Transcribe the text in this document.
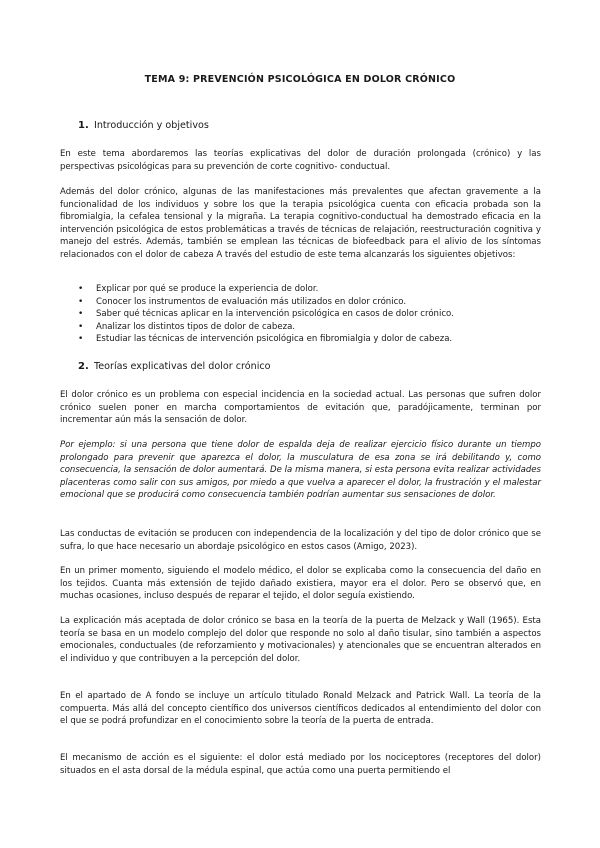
TEMA 9: PREVENCIÓN PSICOLÓGICA EN DOLOR CRÓNICO
1. Introducción y objetivos

En este tema abordaremos las teorías explicativas del dolor de duración prolongada (crónico) y las perspectivas psicológicas para su prevención de corte cognitivo- conductual.

Además del dolor crónico, algunas de las manifestaciones más prevalentes que afectan gravemente a la funcionalidad de los individuos y sobre los que la terapia psicológica cuenta con eficacia probada son la fibromialgia, la cefalea tensional y la migraña. La terapia cognitivo-conductual ha demostrado eficacia en la intervención psicológica de estos problemáticas a través de técnicas de relajación, reestructuración cognitiva y manejo del estrés. Además, también se emplean las técnicas de biofeedback para el alivio de los síntomas relacionados con el dolor de cabeza A través del estudio de este tema alcanzarás los siguientes objetivos:

• Explicar por qué se produce la experiencia de dolor.
• Conocer los instrumentos de evaluación más utilizados en dolor crónico.
• Saber qué técnicas aplicar en la intervención psicológica en casos de dolor crónico.
• Analizar los distintos tipos de dolor de cabeza.
• Estudiar las técnicas de intervención psicológica en fibromialgia y dolor de cabeza.
2. Teorías explicativas del dolor crónico

El dolor crónico es un problema con especial incidencia en la sociedad actual. Las personas que sufren dolor crónico suelen poner en marcha comportamientos de evitación que, paradójicamente, terminan por incrementar aún más la sensación de dolor.

Por ejemplo: si una persona que tiene dolor de espalda deja de realizar ejercicio físico durante un tiempo prolongado para prevenir que aparezca el dolor, la musculatura de esa zona se irá debilitando y, como consecuencia, la sensación de dolor aumentará. De la misma manera, si esta persona evita realizar actividades placenteras como salir con sus amigos, por miedo a que vuelva a aparecer el dolor, la frustración y el malestar emocional que se producirá como consecuencia también podrían aumentar sus sensaciones de dolor.

Las conductas de evitación se producen con independencia de la localización y del tipo de dolor crónico que se sufra, lo que hace necesario un abordaje psicológico en estos casos (Amigo, 2023).

En un primer momento, siguiendo el modelo médico, el dolor se explicaba como la consecuencia del daño en los tejidos. Cuanta más extensión de tejido dañado existiera, mayor era el dolor. Pero se observó que, en muchas ocasiones, incluso después de reparar el tejido, el dolor seguía existiendo.

La explicación más aceptada de dolor crónico se basa en la teoría de la puerta de Melzack y Wall (1965). Esta teoría se basa en un modelo complejo del dolor que responde no solo al daño tisular, sino también a aspectos emocionales, conductuales (de reforzamiento y motivacionales) y atencionales que se encuentran alterados en el individuo y que contribuyen a la percepción del dolor.

En el apartado de A fondo se incluye un artículo titulado Ronald Melzack and Patrick Wall. La teoría de la compuerta. Más allá del concepto científico dos universos científicos dedicados al entendimiento del dolor con el que se podrá profundizar en el conocimiento sobre la teoría de la puerta de entrada.

El mecanismo de acción es el siguiente: el dolor está mediado por los nociceptores (receptores del dolor) situados en el asta dorsal de la médula espinal, que actúa como una puerta permitiendo el
